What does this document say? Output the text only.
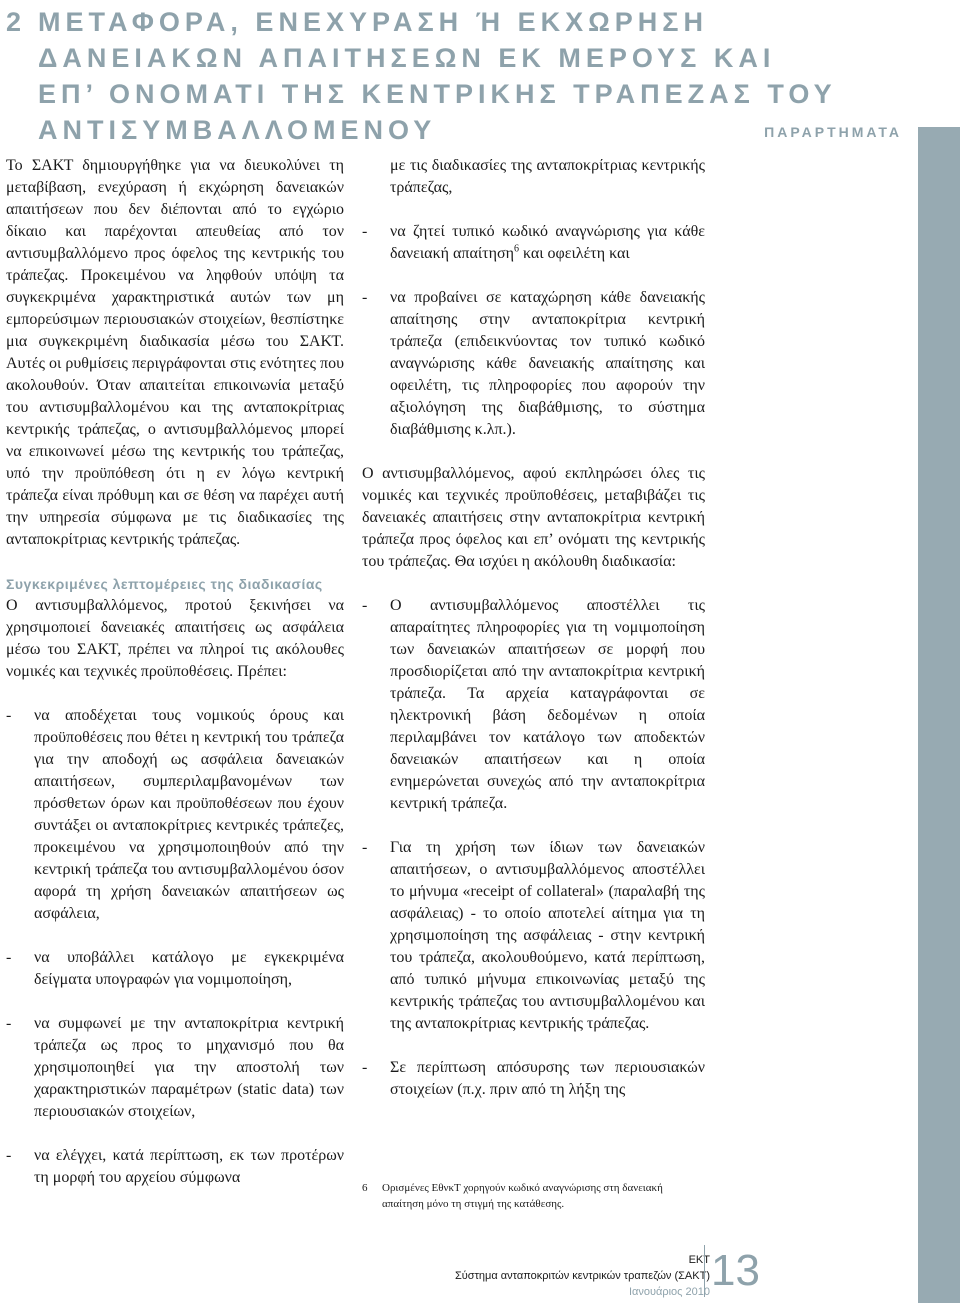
2 ΜΕΤΑΦΟΡΑ, ΕΝΕΧΥΡΑΣΗ Ή ΕΚΧΩΡΗΣΗ
ΔΑΝΕΙΑΚΩΝ ΑΠΑΙΤΗΣΕΩΝ ΕΚ ΜΕΡΟΥΣ ΚΑΙ
ΕΠ’ ΟΝΟΜΑΤΙ ΤΗΣ ΚΕΝΤΡΙΚΗΣ ΤΡΑΠΕΖΑΣ ΤΟΥ
ΑΝΤΙΣΥΜΒΑΛΛΟΜΕΝΟΥ	ΠΑΡΑΡΤΗΜΑΤΑ

Το ΣΑΚΤ δημιουργήθηκε για να διευκολύνει τη μεταβίβαση, ενεχύραση ή εκχώρηση δανειακών απαιτήσεων που δεν διέπονται από το εγχώριο δίκαιο και παρέχονται απευθείας από τον αντισυμβαλλόμενο προς όφελος της κεντρικής του τράπεζας. Προκειμένου να ληφθούν υπόψη τα συγκεκριμένα χαρακτηριστικά αυτών των μη εμπορεύσιμων περιουσιακών στοιχείων, θεσπίστηκε μια συγκεκριμένη διαδικασία μέσω του ΣΑΚΤ. Αυτές οι ρυθμίσεις περιγράφονται στις ενότητες που ακολουθούν. Όταν απαιτείται επικοινωνία μεταξύ του αντισυμβαλλομένου και της ανταποκρίτριας κεντρικής τράπεζας, ο αντισυμβαλλόμενος μπορεί να επικοινωνεί μέσω της κεντρικής του τράπεζας, υπό την προϋπόθεση ότι η εν λόγω κεντρική τράπεζα είναι πρόθυμη και σε θέση να παρέχει αυτή την υπηρεσία σύμφωνα με τις διαδικασίες της ανταποκρίτριας κεντρικής τράπεζας.

Συγκεκριμένες λεπτομέρειες της διαδικασίας

Ο αντισυμβαλλόμενος, προτού ξεκινήσει να χρησιμοποιεί δανειακές απαιτήσεις ως ασφάλεια μέσω του ΣΑΚΤ, πρέπει να πληροί τις ακόλουθες νομικές και τεχνικές προϋποθέσεις. Πρέπει:

- να αποδέχεται τους νομικούς όρους και προϋποθέσεις που θέτει η κεντρική του τράπεζα για την αποδοχή ως ασφάλεια δανειακών απαιτήσεων, συμπεριλαμβανομένων των πρόσθετων όρων και προϋποθέσεων που έχουν συντάξει οι ανταποκρίτριες κεντρικές τράπεζες, προκειμένου να χρησιμοποιηθούν από την κεντρική τράπεζα του αντισυμβαλλομένου όσον αφορά τη χρήση δανειακών απαιτήσεων ως ασφάλεια,
- να υποβάλλει κατάλογο με εγκεκριμένα δείγματα υπογραφών για νομιμοποίηση,
- να συμφωνεί με την ανταποκρίτρια κεντρική τράπεζα ως προς το μηχανισμό που θα χρησιμοποιηθεί για την αποστολή των χαρακτηριστικών παραμέτρων (static data) των περιουσιακών στοιχείων,
- να ελέγχει, κατά περίπτωση, εκ των προτέρων τη μορφή του αρχείου σύμφωνα

με τις διαδικασίες της ανταποκρίτριας κεντρικής τράπεζας,

- να ζητεί τυπικό κωδικό αναγνώρισης για κάθε δανειακή απαίτηση$^6$ και οφειλέτη και
- να προβαίνει σε καταχώρηση κάθε δανειακής απαίτησης στην ανταποκρίτρια κεντρική τράπεζα (επιδεικνύοντας τον τυπικό κωδικό αναγνώρισης κάθε δανειακής απαίτησης και οφειλέτη, τις πληροφορίες που αφορούν την αξιολόγηση της διαβάθμισης, το σύστημα διαβάθμισης κ.λπ.).

Ο αντισυμβαλλόμενος, αφού εκπληρώσει όλες τις νομικές και τεχνικές προϋποθέσεις, μεταβιβάζει τις δανειακές απαιτήσεις στην ανταποκρίτρια κεντρική τράπεζα προς όφελος και επ’ ονόματι της κεντρικής του τράπεζας. Θα ισχύει η ακόλουθη διαδικασία:

- Ο αντισυμβαλλόμενος αποστέλλει τις απαραίτητες πληροφορίες για τη νομιμοποίηση των δανειακών απαιτήσεων σε μορφή που προσδιορίζεται από την ανταποκρίτρια κεντρική τράπεζα. Τα αρχεία καταγράφονται σε ηλεκτρονική βάση δεδομένων η οποία περιλαμβάνει τον κατάλογο των αποδεκτών δανειακών απαιτήσεων και η οποία ενημερώνεται συνεχώς από την ανταποκρίτρια κεντρική τράπεζα.
- Για τη χρήση των ίδιων των δανειακών απαιτήσεων, ο αντισυμβαλλόμενος αποστέλλει το μήνυμα «receipt of collateral» (παραλαβή της ασφάλειας) - το οποίο αποτελεί αίτημα για τη χρησιμοποίηση της ασφάλειας - στην κεντρική του τράπεζα, ακολουθούμενο, κατά περίπτωση, από τυπικό μήνυμα επικοινωνίας μεταξύ της κεντρικής τράπεζας του αντισυμβαλλομένου και της ανταποκρίτριας κεντρικής τράπεζας.
- Σε περίπτωση απόσυρσης των περιουσιακών στοιχείων (π.χ. πριν από τη λήξη της
6	Ορισμένες ΕθνκΤ χορηγούν κωδικό αναγνώρισης στη δανειακή απαίτηση μόνο τη στιγμή της κατάθεσης.
ΕΚΤ
Σύστημα ανταποκριτών κεντρικών τραπεζών (ΣΑΚΤ)
Ιανουάριος 2010 13
